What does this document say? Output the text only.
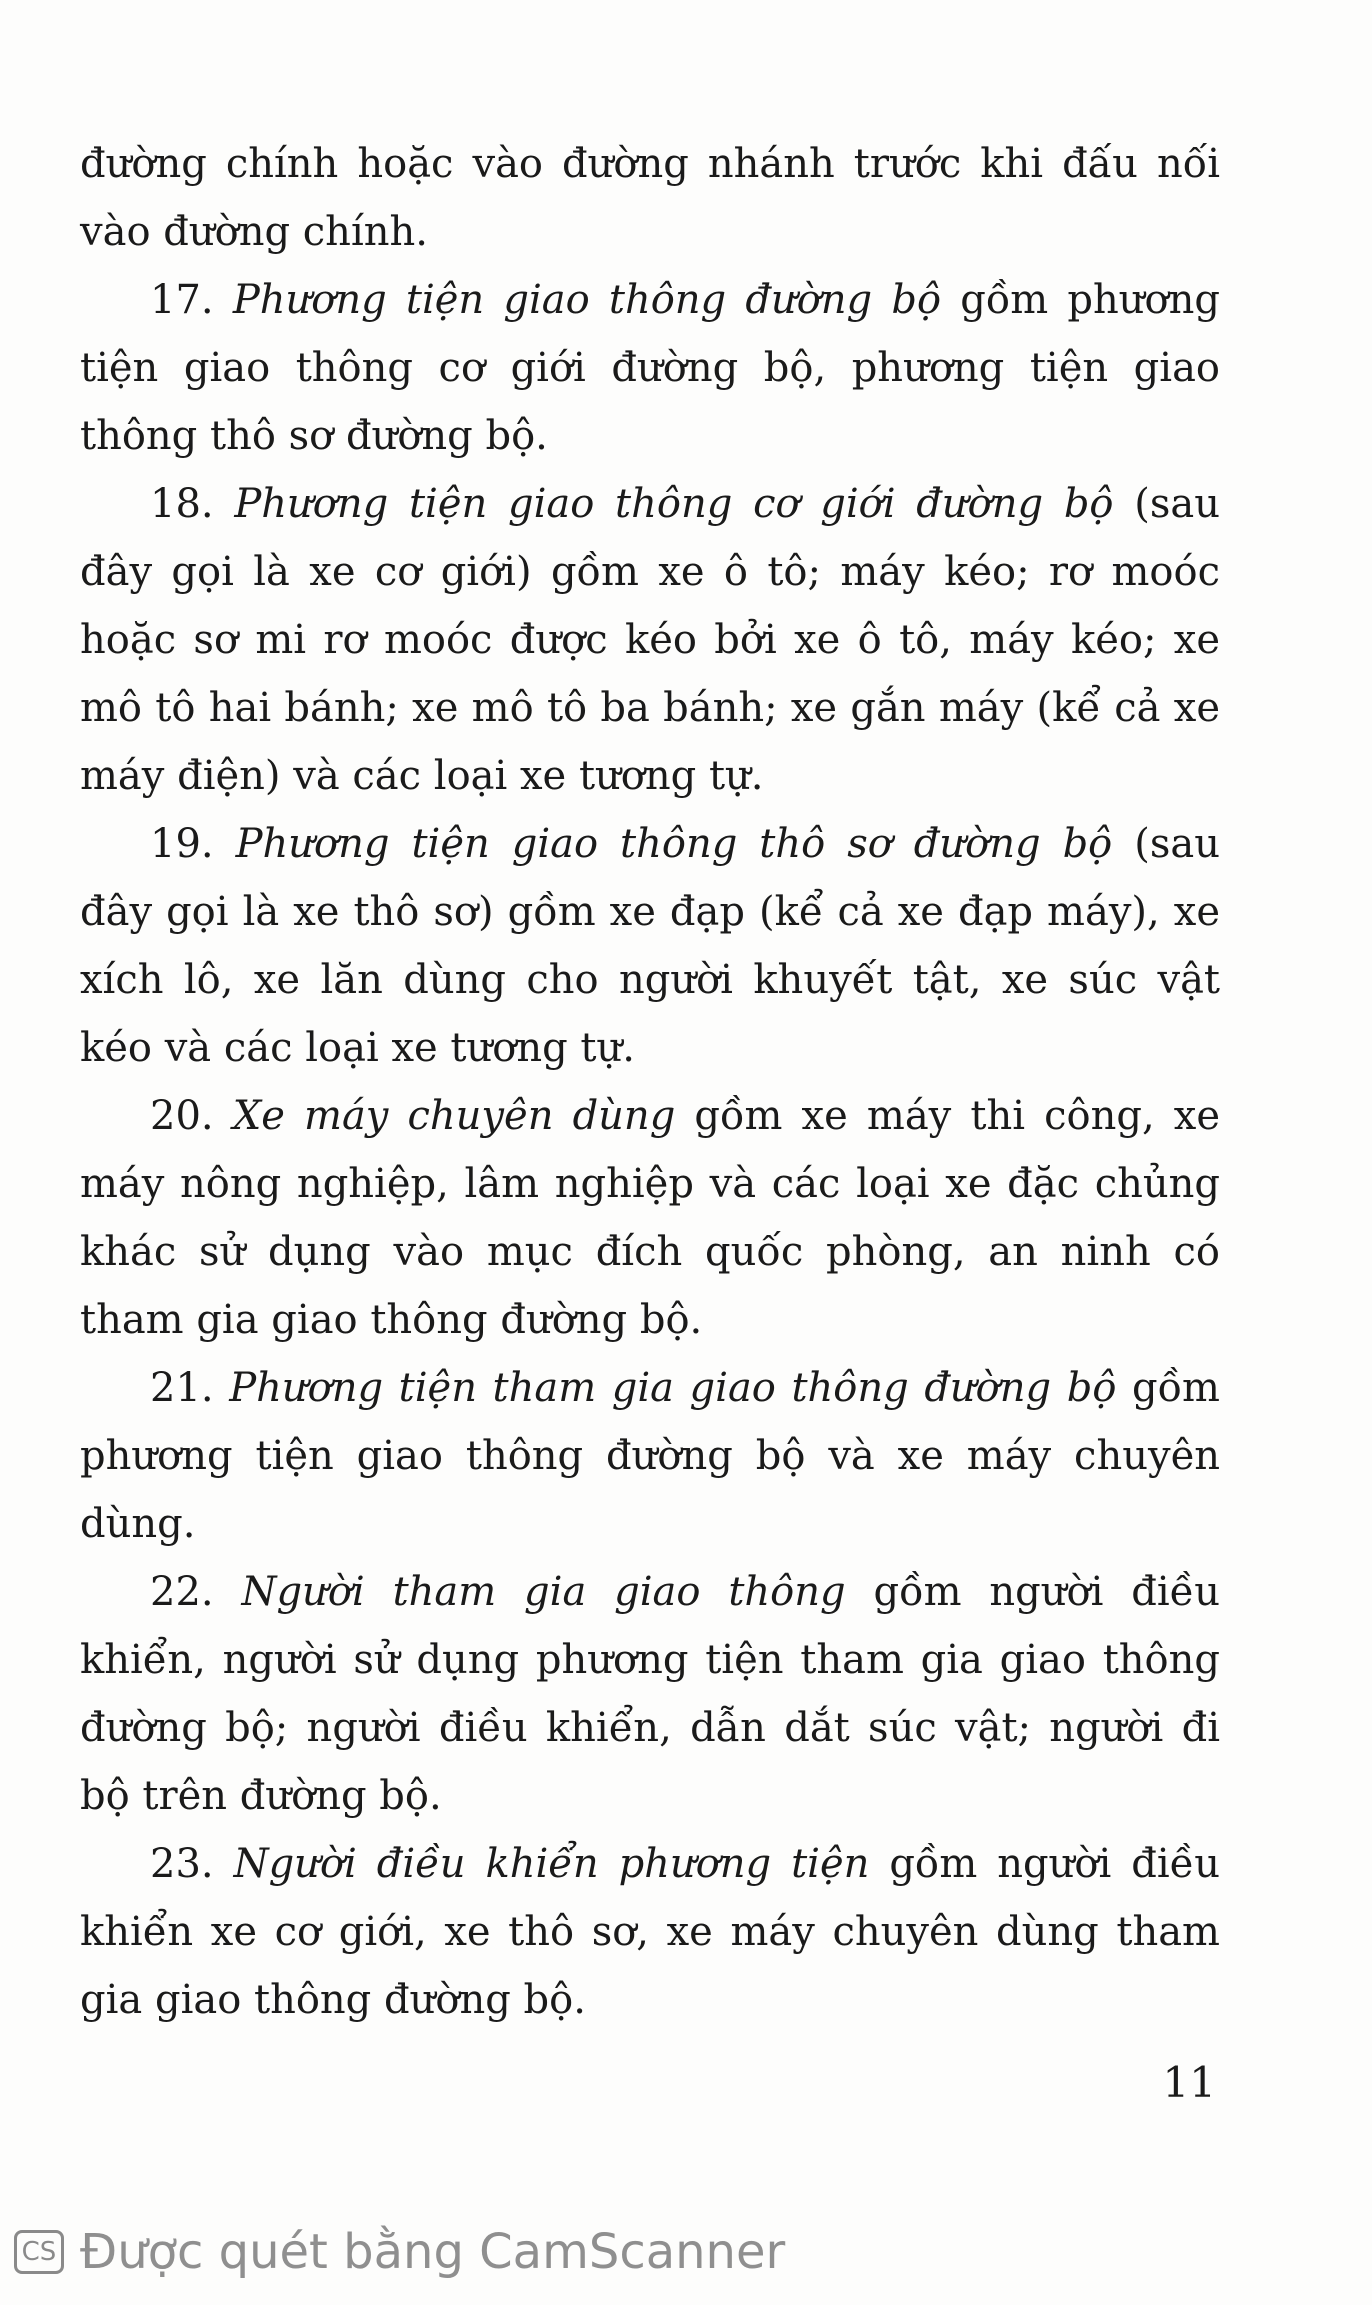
đường chính hoặc vào đường nhánh trước khi đấu nối vào đường chính.

17. Phương tiện giao thông đường bộ gồm phương tiện giao thông cơ giới đường bộ, phương tiện giao thông thô sơ đường bộ.

18. Phương tiện giao thông cơ giới đường bộ (sau đây gọi là xe cơ giới) gồm xe ô tô; máy kéo; rơ moóc hoặc sơ mi rơ moóc được kéo bởi xe ô tô, máy kéo; xe mô tô hai bánh; xe mô tô ba bánh; xe gắn máy (kể cả xe máy điện) và các loại xe tương tự.

19. Phương tiện giao thông thô sơ đường bộ (sau đây gọi là xe thô sơ) gồm xe đạp (kể cả xe đạp máy), xe xích lô, xe lăn dùng cho người khuyết tật, xe súc vật kéo và các loại xe tương tự.

20. Xe máy chuyên dùng gồm xe máy thi công, xe máy nông nghiệp, lâm nghiệp và các loại xe đặc chủng khác sử dụng vào mục đích quốc phòng, an ninh có tham gia giao thông đường bộ.

21. Phương tiện tham gia giao thông đường bộ gồm phương tiện giao thông đường bộ và xe máy chuyên dùng.

22. Người tham gia giao thông gồm người điều khiển, người sử dụng phương tiện tham gia giao thông đường bộ; người điều khiển, dẫn dắt súc vật; người đi bộ trên đường bộ.

23. Người điều khiển phương tiện gồm người điều khiển xe cơ giới, xe thô sơ, xe máy chuyên dùng tham gia giao thông đường bộ.

11
CS Được quét bằng CamScanner
